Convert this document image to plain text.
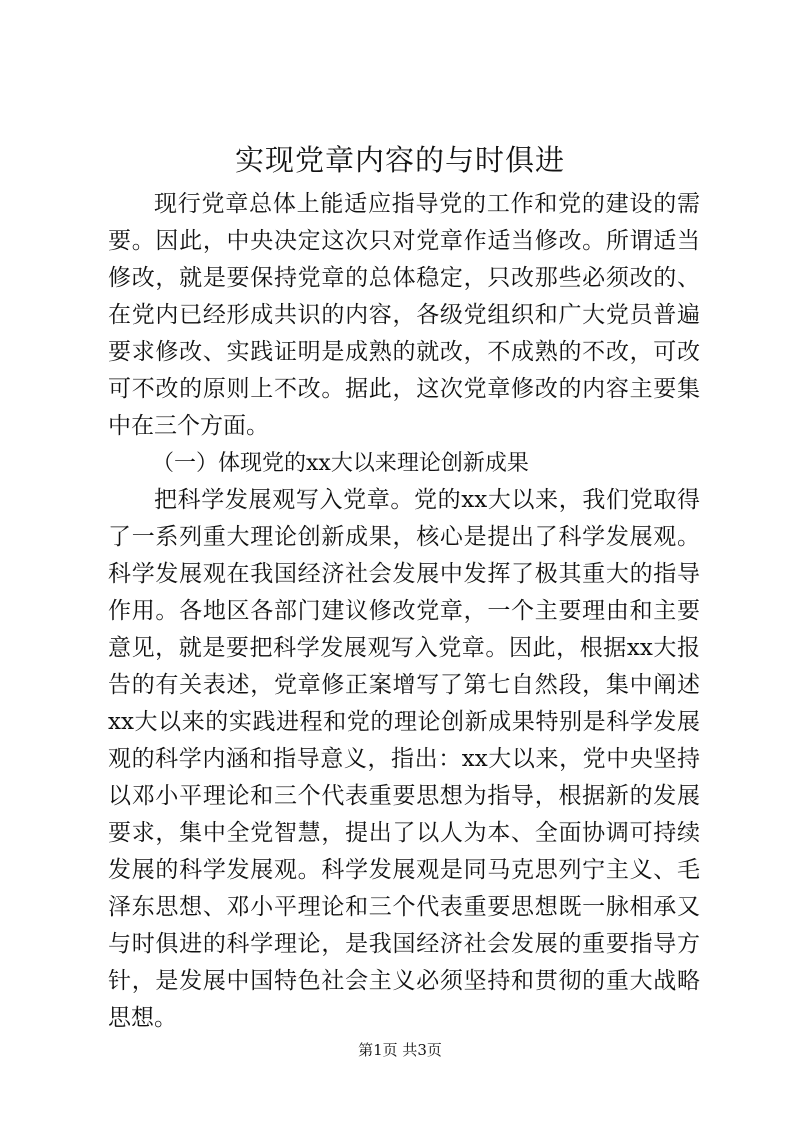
实现党章内容的与时俱进

现行党章总体上能适应指导党的工作和党的建设的需要。因此，中央决定这次只对党章作适当修改。所谓适当修改，就是要保持党章的总体稳定，只改那些必须改的、在党内已经形成共识的内容，各级党组织和广大党员普遍要求修改、实践证明是成熟的就改，不成熟的不改，可改可不改的原则上不改。据此，这次党章修改的内容主要集中在三个方面。

（一）体现党的xx大以来理论创新成果

把科学发展观写入党章。党的xx大以来，我们党取得了一系列重大理论创新成果，核心是提出了科学发展观。科学发展观在我国经济社会发展中发挥了极其重大的指导作用。各地区各部门建议修改党章，一个主要理由和主要意见，就是要把科学发展观写入党章。因此，根据xx大报告的有关表述，党章修正案增写了第七自然段，集中阐述xx大以来的实践进程和党的理论创新成果特别是科学发展观的科学内涵和指导意义，指出：xx大以来，党中央坚持以邓小平理论和三个代表重要思想为指导，根据新的发展要求，集中全党智慧，提出了以人为本、全面协调可持续发展的科学发展观。科学发展观是同马克思列宁主义、毛泽东思想、邓小平理论和三个代表重要思想既一脉相承又与时俱进的科学理论，是我国经济社会发展的重要指导方针，是发展中国特色社会主义必须坚持和贯彻的重大战略思想。

第1页 共3页
